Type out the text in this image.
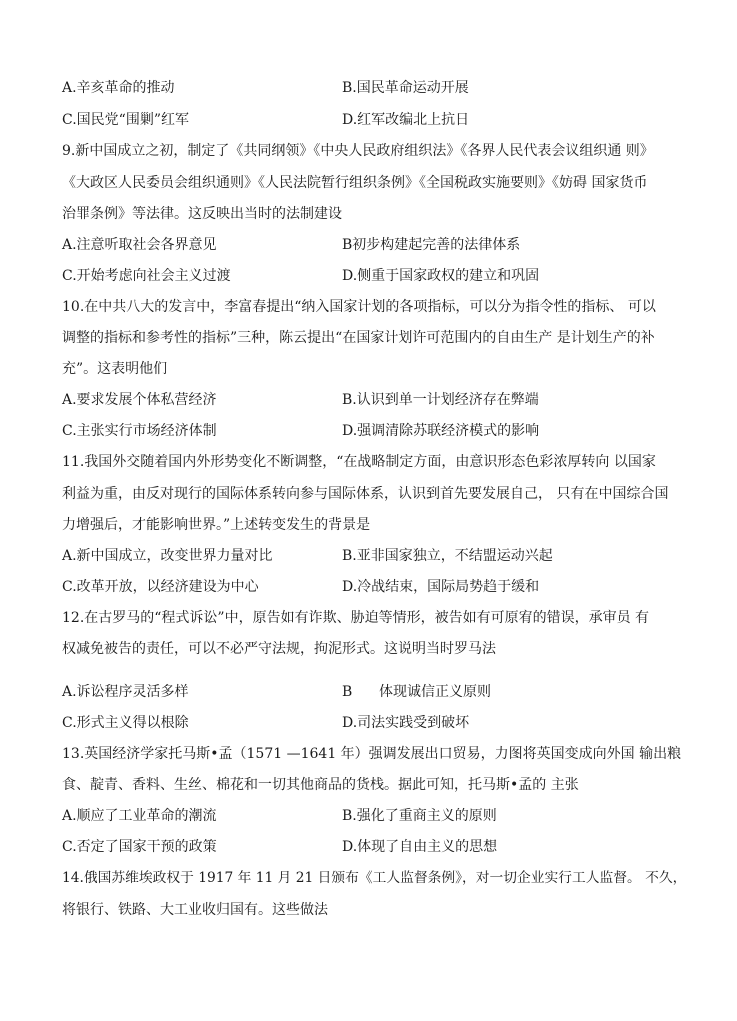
A.辛亥革命的推动	B.国民革命运动开展
C.国民党“围剿”红军	D.红军改编北上抗日
9.新中国成立之初，制定了《共同纲领》《中央人民政府组织法》《各界人民代表会议组织通 则》
《大政区人民委员会组织通则》《人民法院暂行组织条例》《全国税政实施要则》《妨碍 国家货币
治罪条例》等法律。这反映出当时的法制建设
A.注意听取社会各界意见	B初步构建起完善的法律体系
C.开始考虑向社会主义过渡	D.侧重于国家政权的建立和巩固
10.在中共八大的发言中，李富春提出“纳入国家计划的各项指标，可以分为指令性的指标、 可以
调整的指标和参考性的指标”三种，陈云提出“在国家计划许可范围内的自由生产 是计划生产的补
充”。这表明他们
A.要求发展个体私营经济	B.认识到单一计划经济存在弊端
C.主张实行市场经济体制	D.强调清除苏联经济模式的影响
11.我国外交随着国内外形势变化不断调整，“在战略制定方面，由意识形态色彩浓厚转向 以国家
利益为重，由反对现行的国际体系转向参与国际体系，认识到首先要发展自己， 只有在中国综合国
力增强后，才能影响世界。”上述转变发生的背景是
A.新中国成立，改变世界力量对比	B.亚非国家独立，不结盟运动兴起
C.改革开放，以经济建设为中心	D.冷战结束，国际局势趋于缓和
12.在古罗马的“程式诉讼”中，原告如有诈欺、胁迫等情形，被告如有可原宥的错误，承审员 有
权减免被告的责任，可以不必严守法规，拘泥形式。这说明当时罗马法
A.诉讼程序灵活多样	B      体现诚信正义原则
C.形式主义得以根除	D.司法实践受到破坏
13.英国经济学家托马斯•孟（1571 —1641 年）强调发展出口贸易，力图将英国变成向外国 输出粮
食、靛青、香料、生丝、棉花和一切其他商品的货栈。据此可知，托马斯•孟的 主张
A.顺应了工业革命的潮流	B.强化了重商主义的原则
C.否定了国家干预的政策	D.体现了自由主义的思想
14.俄国苏维埃政权于 1917 年 11 月 21 日颁布《工人监督条例》，对一切企业实行工人监督。 不久，
将银行、铁路、大工业收归国有。这些做法
